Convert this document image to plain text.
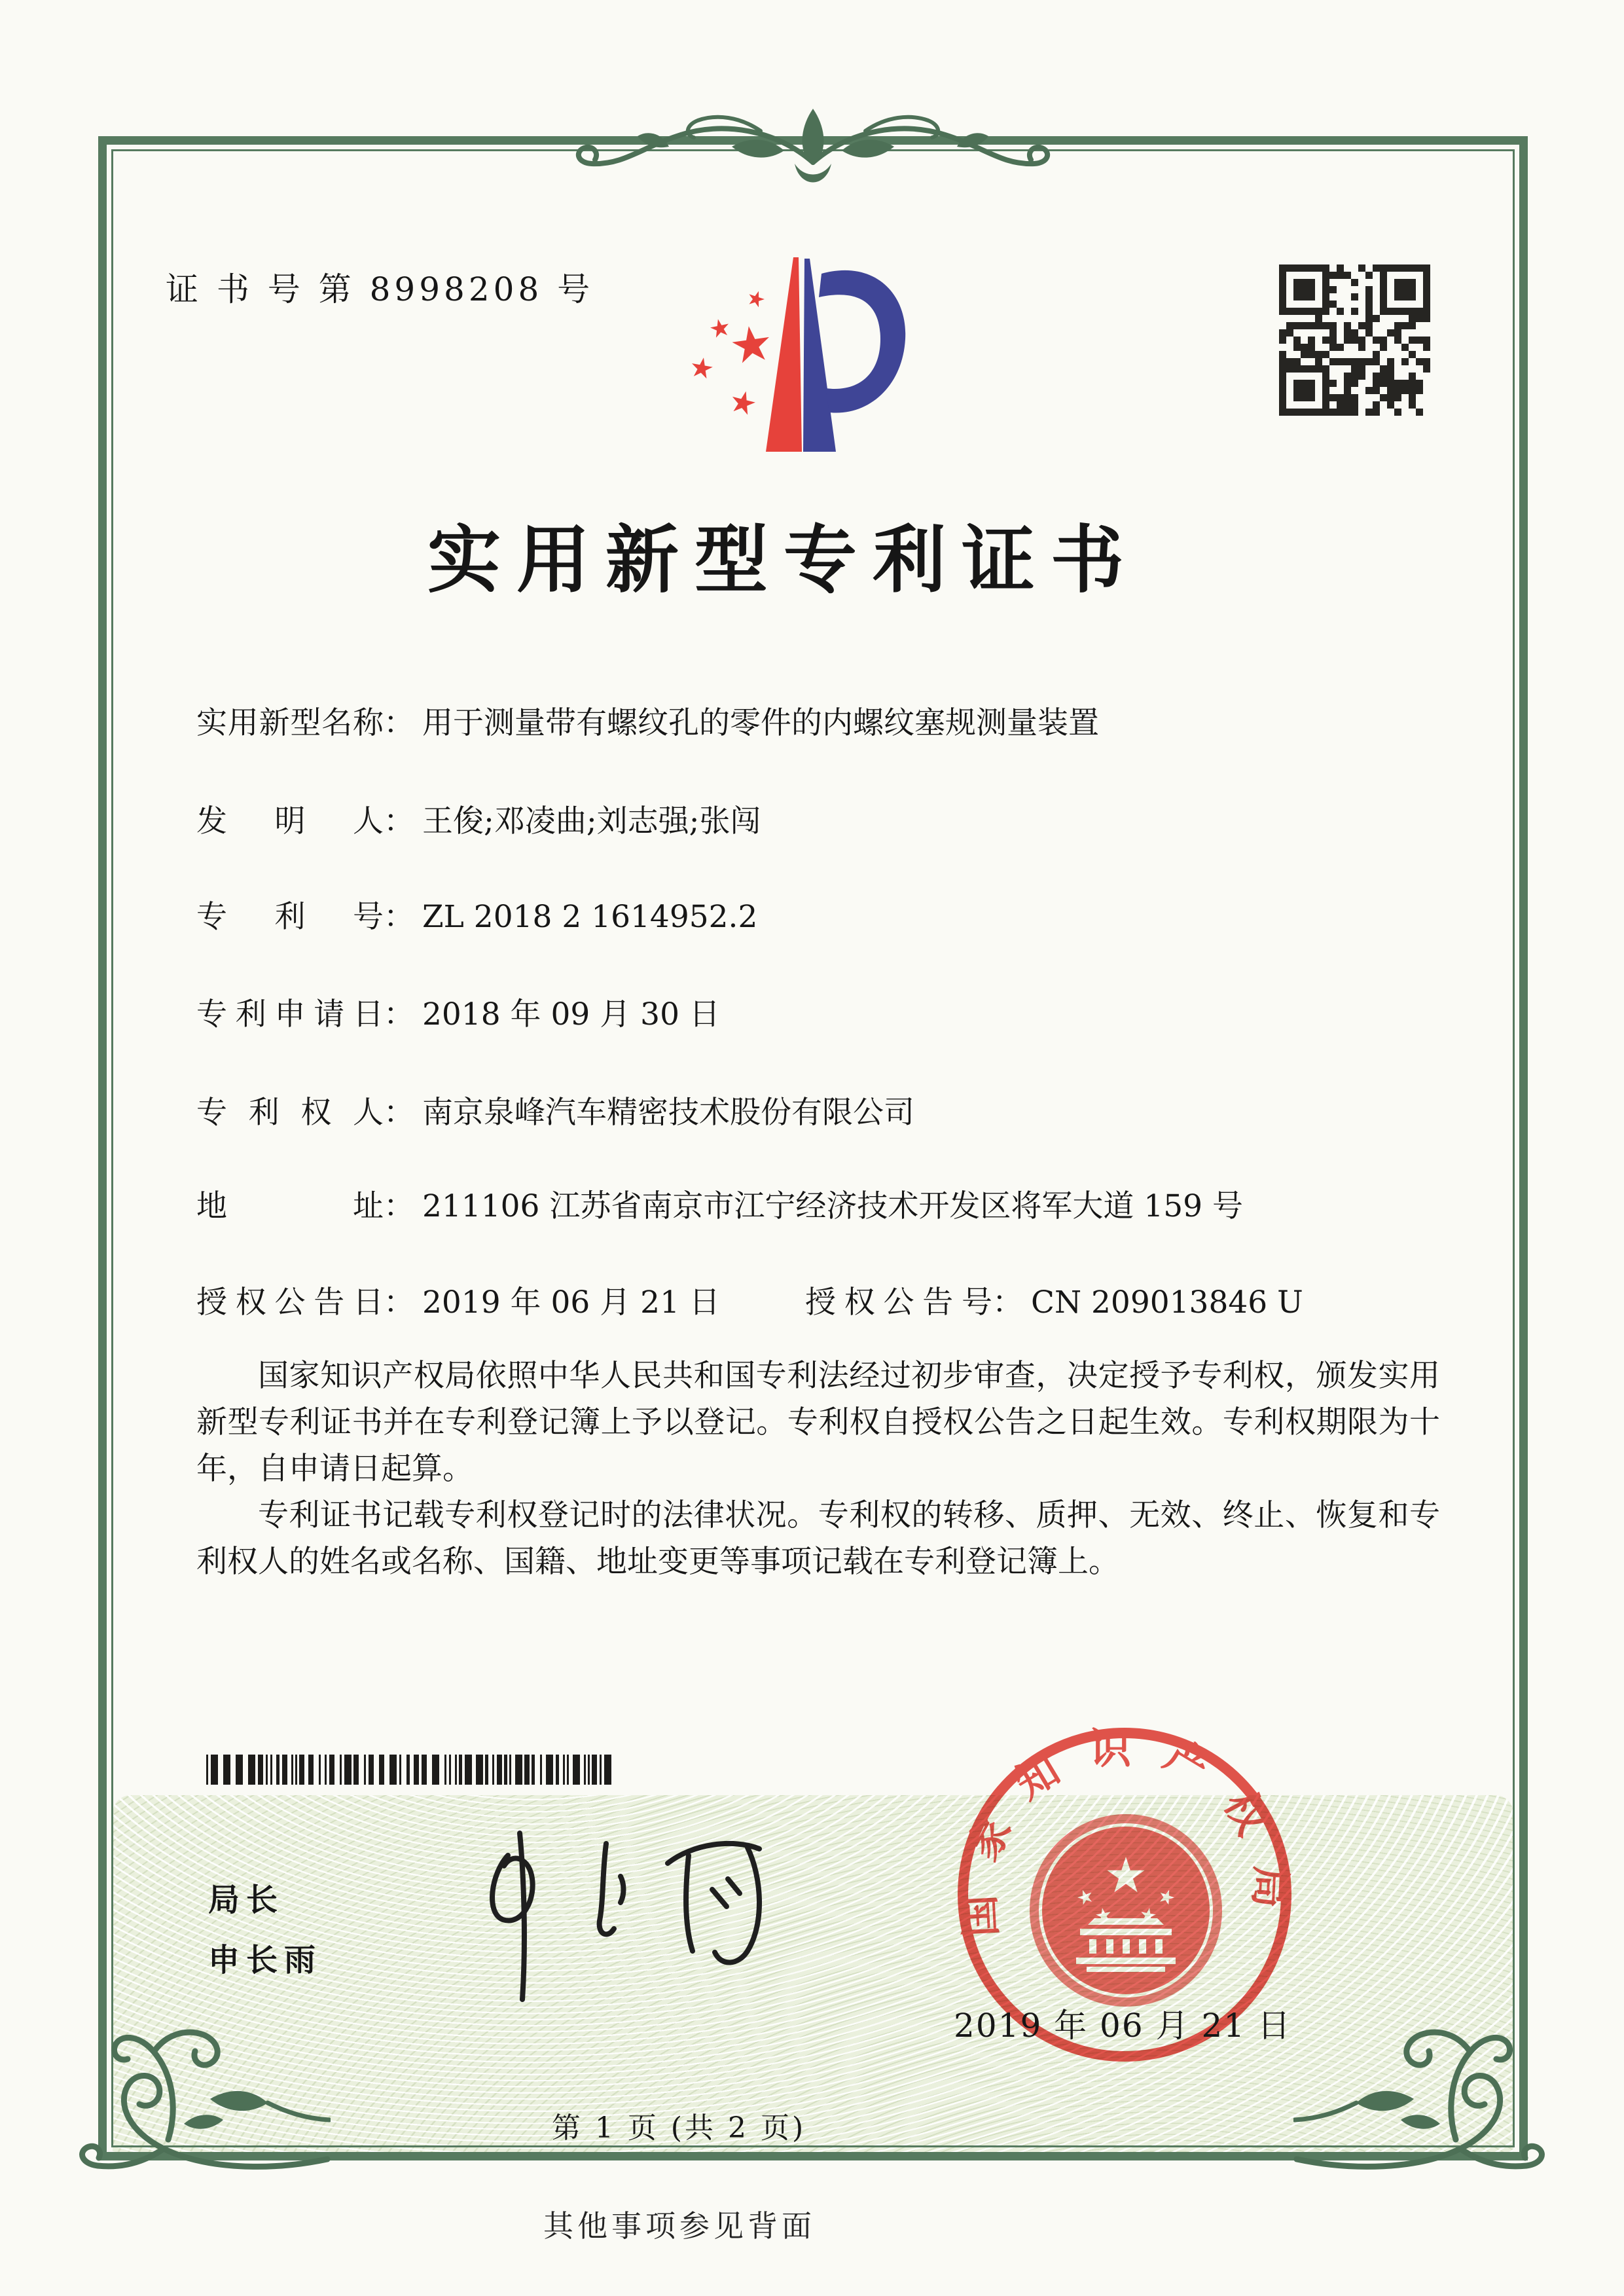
证 书 号 第 8998208 号
实用新型专利证书
实用新型名称： 用于测量带有螺纹孔的零件的内螺纹塞规测量装置
发明人： 王俊;邓凌曲;刘志强;张闯
专利号： ZL 2018 2 1614952.2
专利申请日： 2018 年 09 月 30 日
专利权人： 南京泉峰汽车精密技术股份有限公司
地址： 211106 江苏省南京市江宁经济技术开发区将军大道 159 号
授权公告日： 2019 年 06 月 21 日	授权公告号： CN 209013846 U

国家知识产权局依照中华人民共和国专利法经过初步审查，决定授予专利权，颁发实用新型专利证书并在专利登记簿上予以登记。专利权自授权公告之日起生效。专利权期限为十年，自申请日起算。

专利证书记载专利权登记时的法律状况。专利权的转移、质押、无效、终止、恢复和专利权人的姓名或名称、国籍、地址变更等事项记载在专利登记簿上。

局长
申长雨
国家知识产权局
2019 年 06 月 21 日
第 1 页 (共 2 页)
其他事项参见背面
